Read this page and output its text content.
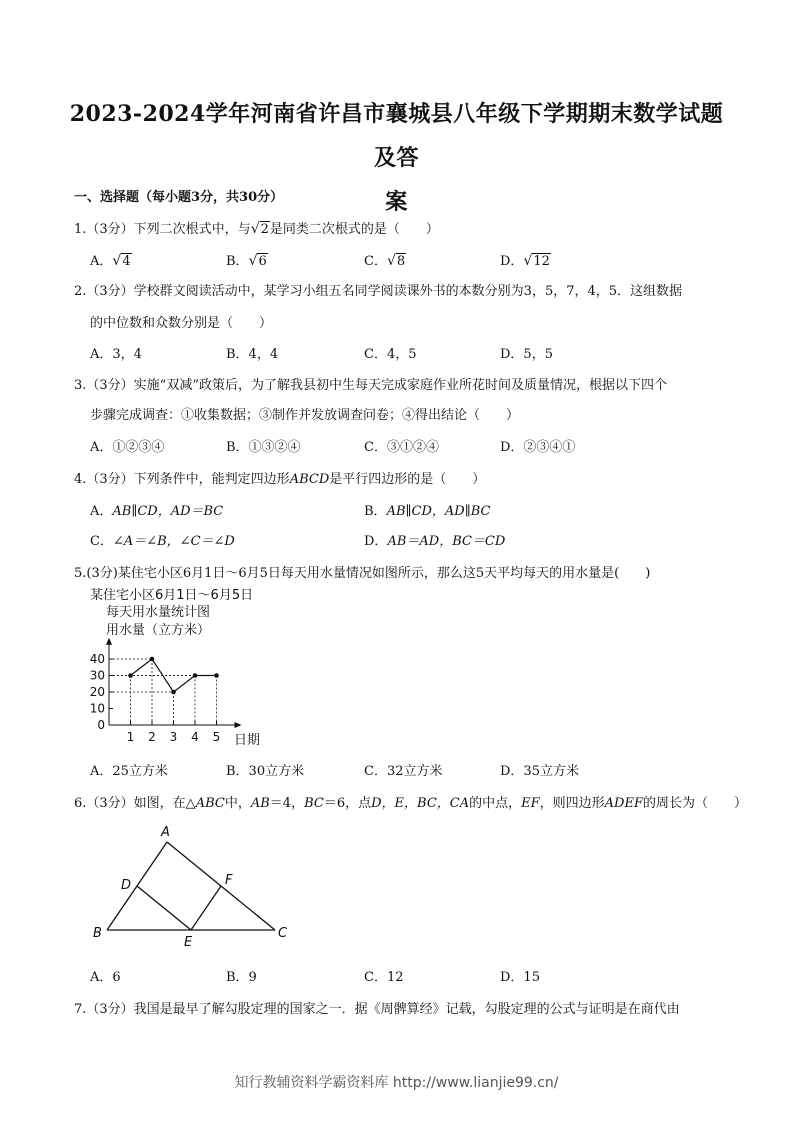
2023-2024学年河南省许昌市襄城县八年级下学期期末数学试题及答
案
一、选择题（每小题3分，共30分）
1.（3分）下列二次根式中，与√2是同类二次根式的是（　　）
A．√4	B．√6	C．√8	D．√12
2.（3分）学校群文阅读活动中，某学习小组五名同学阅读课外书的本数分别为3，5，7，4，5．这组数据
的中位数和众数分别是（　　）
A．3，4	B．4，4	C．4，5	D．5，5
3.（3分）实施“双减”政策后，为了解我县初中生每天完成家庭作业所花时间及质量情况，根据以下四个
步骤完成调查：①收集数据；③制作并发放调查问卷；④得出结论（　　）
A．①②③④	B．①③②④	C．③①②④	D．②③④①
4.（3分）下列条件中，能判定四边形ABCD是平行四边形的是（　　）
A．AB∥CD，AD＝BC	B．AB∥CD，AD∥BC
C．∠A＝∠B，∠C＝∠D	D．AB＝AD，BC＝CD
5.(3分)某住宅小区6月1日～6月5日每天用水量情况如图所示，那么这5天平均每天的用水量是(　　)
某住宅小区6月1日～6月5日
每天用水量统计图
用水量（立方米）
日期
0
10
20
30
40
1 2 3 4 5
A．25立方米	B．30立方米	C．32立方米	D．35立方米
6.（3分）如图，在△ABC中，AB＝4，BC＝6，点D，E，BC，CA的中点，EF，则四边形ADEF的周长为（　　）
A
B	C
D
E
F
A．6	B．9	C．12	D．15
7.（3分）我国是最早了解勾股定理的国家之一．据《周髀算经》记载，勾股定理的公式与证明是在商代由
知行教辅资料学霸资料库 http://www.lianjie99.cn/
